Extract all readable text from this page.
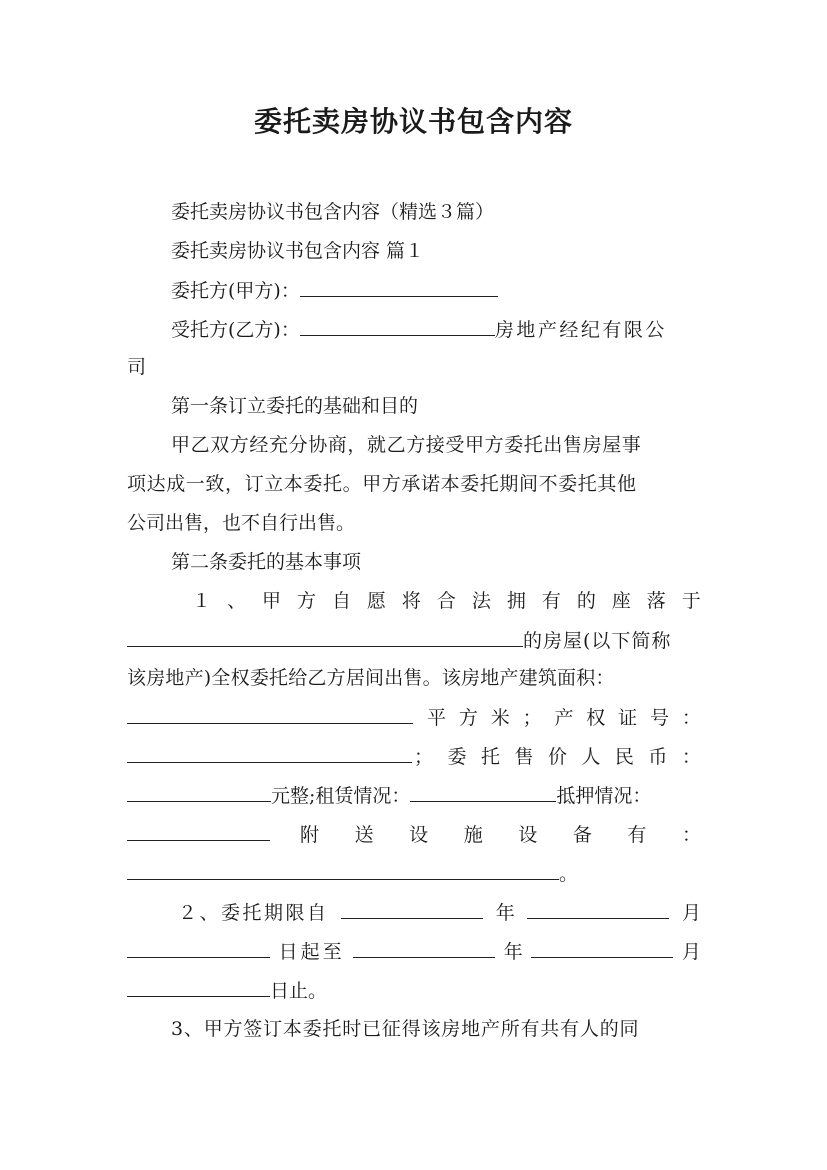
委托卖房协议书包含内容
委托卖房协议书包含内容（精选３篇）
委托卖房协议书包含内容 篇１
委托方(甲方)：
受托方(乙方)：	房地产经纪有限公
司
第一条订立委托的基础和目的
甲乙双方经充分协商，就乙方接受甲方委托出售房屋事
项达成一致，订立本委托。甲方承诺本委托期间不委托其他
公司出售，也不自行出售。
第二条委托的基本事项
１ 、 甲 方 自 愿 将 合 法 拥 有 的 座 落 于
的房屋(以下简称
该房地产)全权委托给乙方居间出售。该房地产建筑面积：
平 方 米 ； 产 权 证 号 ：
； 委 托 售 价 人 民 币 ：
元整;租赁情况：	抵押情况：
附 送 设 施 设 备 有 ：
。
２、委托期限自	年	月
日起至	年	月
日止。
3、甲方签订本委托时已征得该房地产所有共有人的同
